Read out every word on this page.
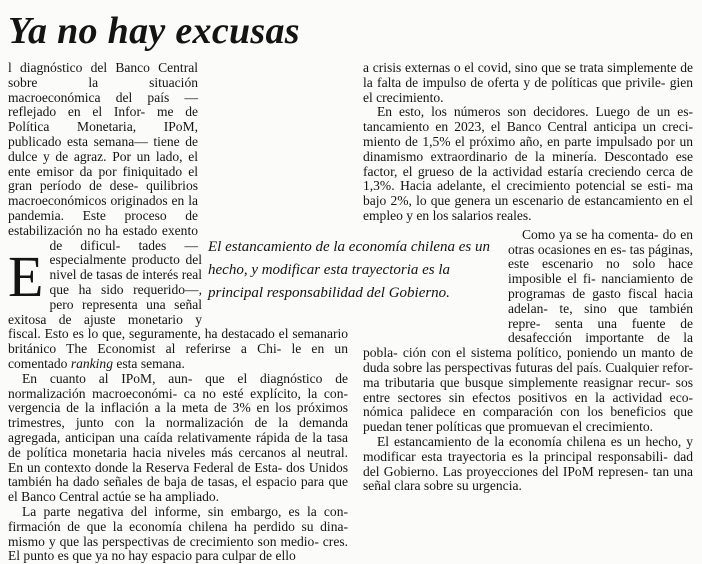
Ya no hay excusas

E
l diagnóstico del Banco Central sobre la situación macroeconómica del país —reflejado en el Infor- me de Política Monetaria, IPoM, publicado esta semana— tiene de dulce y de agraz. Por un lado, el ente emisor da por finiquitado el gran período de dese- quilibrios macroeconómicos originados en la pandemia. Este proceso de estabilización no ha estado exento de dificul- tades —especialmente producto del nivel de tasas de interés real que ha sido requerido—, pero representa una señal exitosa de ajuste monetario y fiscal. Esto es lo que, seguramente, ha destacado el semanario británico The Economist al referirse a Chi- le en un comentado ranking esta semana.

En cuanto al IPoM, aun- que el diagnóstico de normalización macroeconómi- ca no esté explícito, la con- vergencia de la inflación a la meta de 3% en los próximos trimestres, junto con la normalización de la demanda agregada, anticipan una caída relativamente rápida de la tasa de política monetaria hacia niveles más cercanos al neutral. En un contexto donde la Reserva Federal de Esta- dos Unidos también ha dado señales de baja de tasas, el espacio para que el Banco Central actúe se ha ampliado.

La parte negativa del informe, sin embargo, es la con- firmación de que la economía chilena ha perdido su dina- mismo y que las perspectivas de crecimiento son medio- cres. El punto es que ya no hay espacio para culpar de ello

a crisis externas o el covid, sino que se trata simplemente de la falta de impulso de oferta y de políticas que privile- gien el crecimiento.

En esto, los números son decidores. Luego de un es- tancamiento en 2023, el Banco Central anticipa un creci- miento de 1,5% el próximo año, en parte impulsado por un dinamismo extraordinario de la minería. Descontado ese factor, el grueso de la actividad estaría creciendo cerca de 1,3%. Hacia adelante, el crecimiento potencial se esti- ma bajo 2%, lo que genera un escenario de estancamiento en el empleo y en los salarios reales.

Como ya se ha comenta- do en otras ocasiones en es- tas páginas, este escenario no solo hace imposible el fi- nanciamiento de programas de gasto fiscal hacia adelan- te, sino que también repre- senta una fuente de desafección importante de la pobla- ción con el sistema político, poniendo un manto de duda sobre las perspectivas futuras del país. Cualquier refor- ma tributaria que busque simplemente reasignar recur- sos entre sectores sin efectos positivos en la actividad eco- nómica palidece en comparación con los beneficios que puedan tener políticas que promuevan el crecimiento.

El estancamiento de la economía chilena es un hecho, y modificar esta trayectoria es la principal responsabili- dad del Gobierno. Las proyecciones del IPoM represen- tan una señal clara sobre su urgencia.

El estancamiento de la economía chilena es un
hecho, y modificar esta trayectoria es la
principal responsabilidad del Gobierno.
